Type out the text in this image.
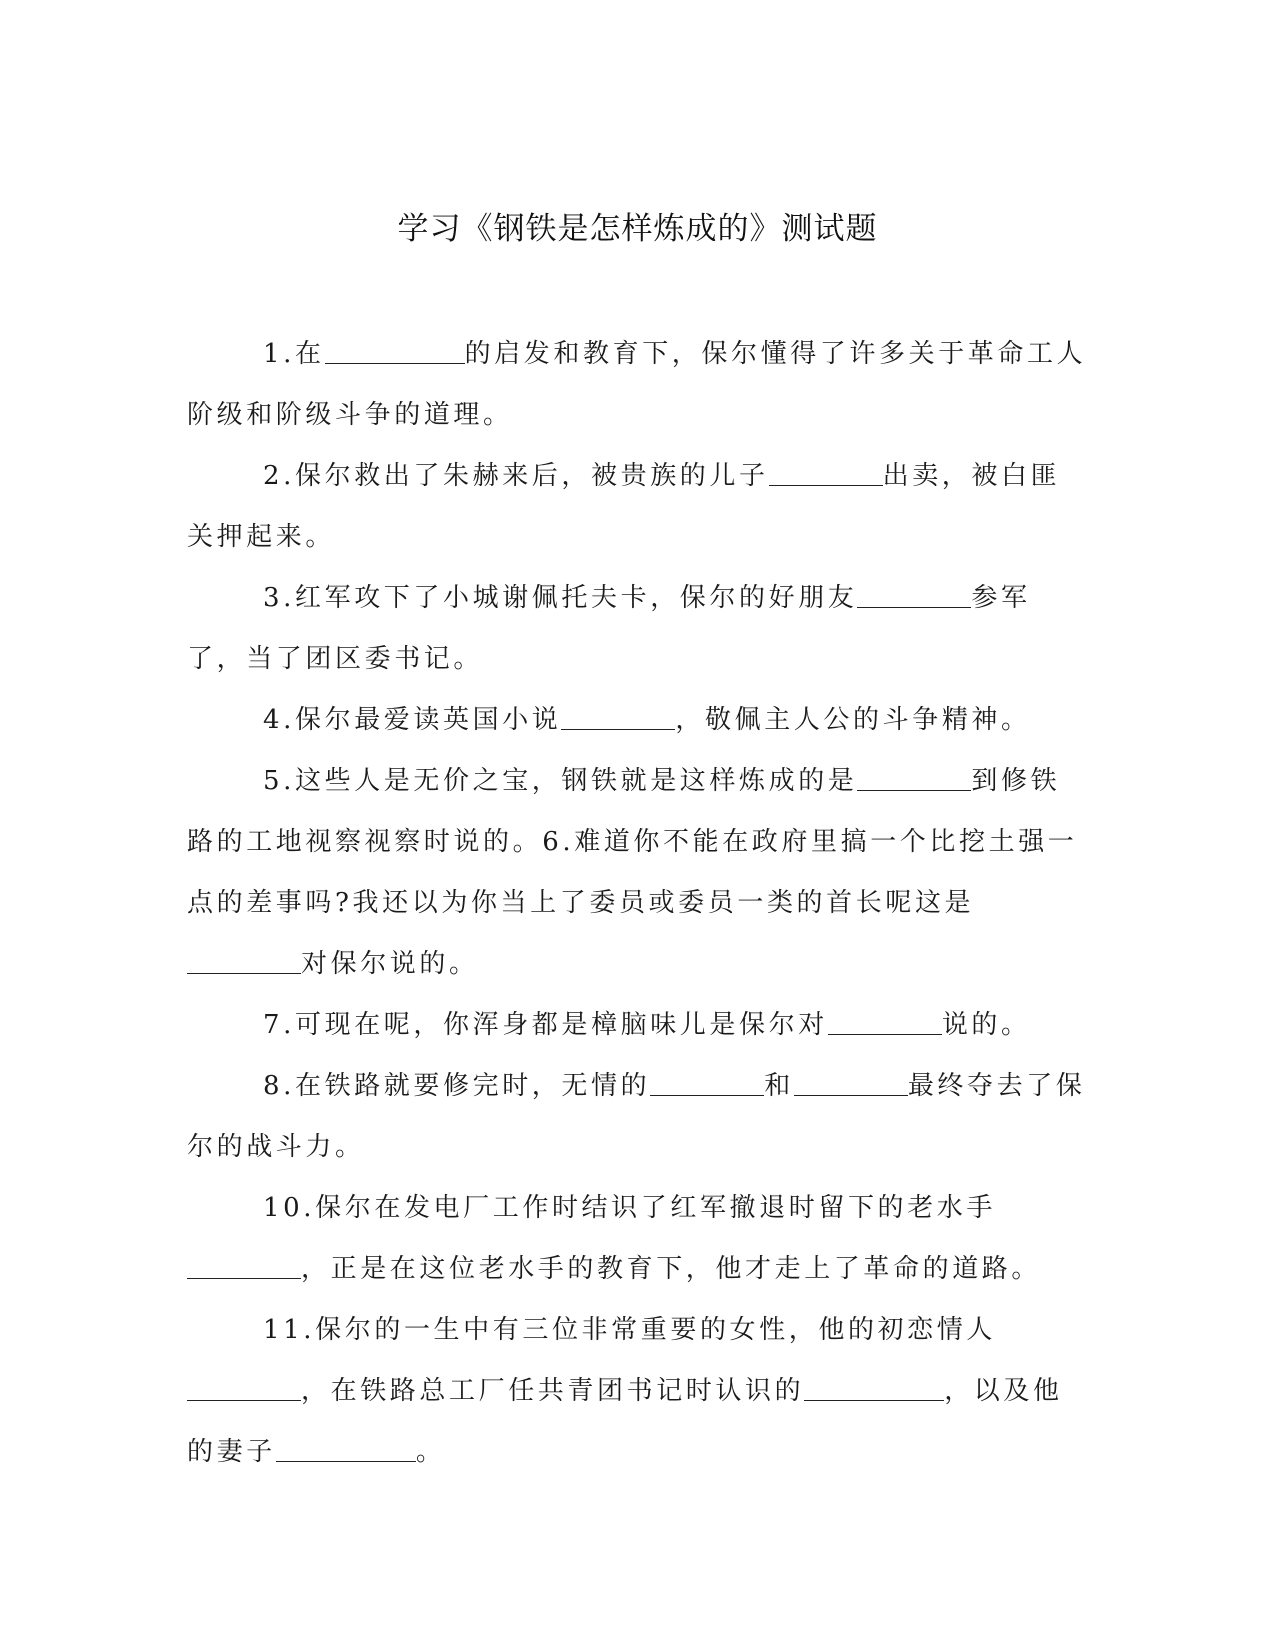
学习《钢铁是怎样炼成的》测试题

1.在	的启发和教育下，保尔懂得了许多关于革命工人阶级和阶级斗争的道理。

2.保尔救出了朱赫来后，被贵族的儿子	出卖，被白匪关押起来。

3.红军攻下了小城谢佩托夫卡，保尔的好朋友	参军了，当了团区委书记。

4.保尔最爱读英国小说	，敬佩主人公的斗争精神。

5.这些人是无价之宝，钢铁就是这样炼成的是	到修铁路的工地视察视察时说的。6.难道你不能在政府里搞一个比挖土强一点的差事吗?我还以为你当上了委员或委员一类的首长呢这是对保尔说的。

7.可现在呢，你浑身都是樟脑味儿是保尔对	说的。

8.在铁路就要修完时，无情的	和	最终夺去了保尔的战斗力。

10.保尔在发电厂工作时结识了红军撤退时留下的老水手，正是在这位老水手的教育下，他才走上了革命的道路。

11.保尔的一生中有三位非常重要的女性，他的初恋情人，在铁路总工厂任共青团书记时认识的	，以及他的妻子	。
